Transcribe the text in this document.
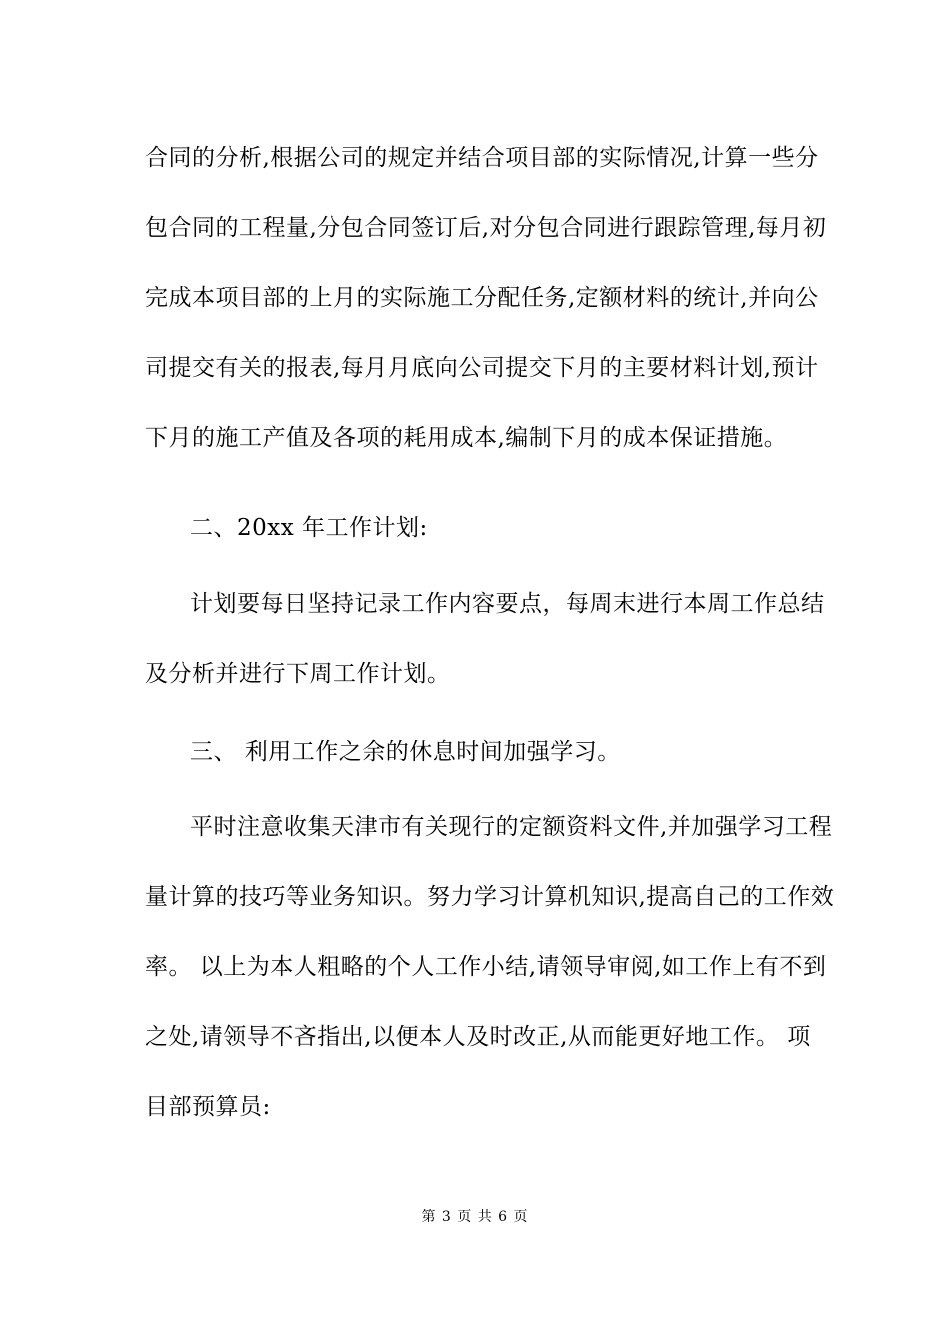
合同的分析,根据公司的规定并结合项目部的实际情况,计算一些分
包合同的工程量,分包合同签订后,对分包合同进行跟踪管理,每月初
完成本项目部的上月的实际施工分配任务,定额材料的统计,并向公
司提交有关的报表,每月月底向公司提交下月的主要材料计划,预计
下月的施工产值及各项的耗用成本,编制下月的成本保证措施。
二、20xx 年工作计划:
计划要每日坚持记录工作内容要点，每周末进行本周工作总结
及分析并进行下周工作计划。
三、 利用工作之余的休息时间加强学习。
平时注意收集天津市有关现行的定额资料文件,并加强学习工程
量计算的技巧等业务知识。努力学习计算机知识,提高自己的工作效
率。 以上为本人粗略的个人工作小结,请领导审阅,如工作上有不到
之处,请领导不吝指出,以便本人及时改正,从而能更好地工作。 项
目部预算员:
第 3 页 共 6 页
